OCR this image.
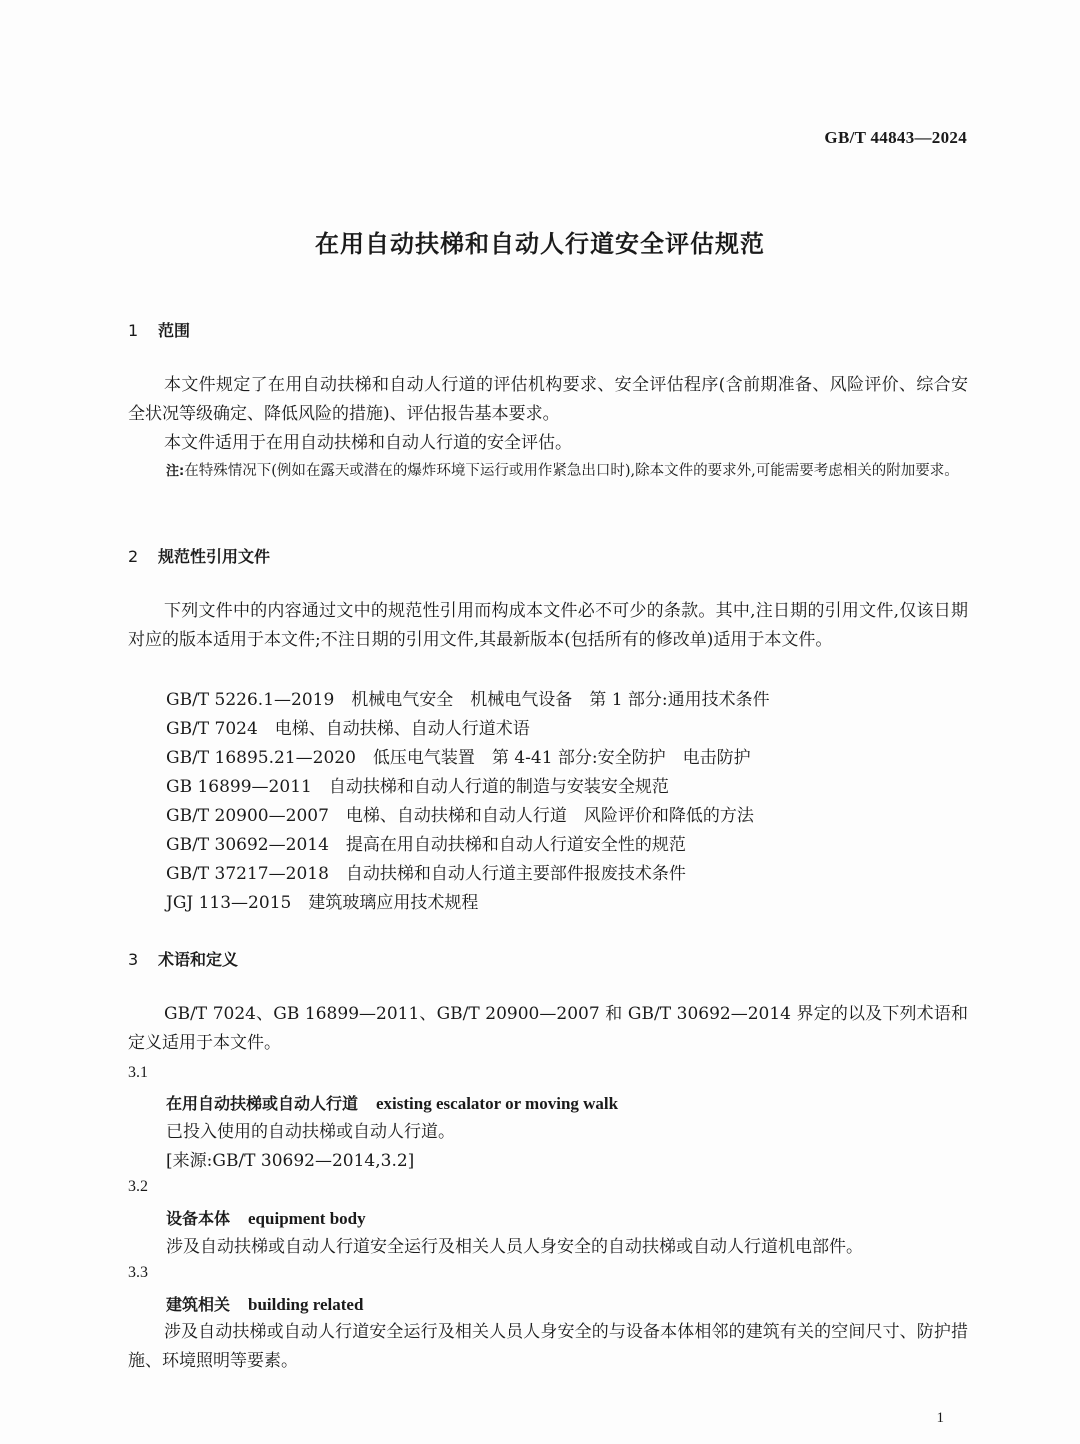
GB/T 44843—2024
在用自动扶梯和自动人行道安全评估规范
1 范围
本文件规定了在用自动扶梯和自动人行道的评估机构要求、安全评估程序(含前期准备、风险评价、综合安全状况等级确定、降低风险的措施)、评估报告基本要求。
本文件适用于在用自动扶梯和自动人行道的安全评估。
注:在特殊情况下(例如在露天或潜在的爆炸环境下运行或用作紧急出口时),除本文件的要求外,可能需要考虑相关的附加要求。
2 规范性引用文件
下列文件中的内容通过文中的规范性引用而构成本文件必不可少的条款。其中,注日期的引用文件,仅该日期对应的版本适用于本文件;不注日期的引用文件,其最新版本(包括所有的修改单)适用于本文件。
GB/T 5226.1—2019　机械电气安全　机械电气设备　第 1 部分:通用技术条件
GB/T 7024　电梯、自动扶梯、自动人行道术语
GB/T 16895.21—2020　低压电气装置　第 4-41 部分:安全防护　电击防护
GB 16899—2011　自动扶梯和自动人行道的制造与安装安全规范
GB/T 20900—2007　电梯、自动扶梯和自动人行道　风险评价和降低的方法
GB/T 30692—2014　提高在用自动扶梯和自动人行道安全性的规范
GB/T 37217—2018　自动扶梯和自动人行道主要部件报废技术条件
JGJ 113—2015　建筑玻璃应用技术规程
3 术语和定义
GB/T 7024、GB 16899—2011、GB/T 20900—2007 和 GB/T 30692—2014 界定的以及下列术语和定义适用于本文件。
3.1
在用自动扶梯或自动人行道 existing escalator or moving walk
已投入使用的自动扶梯或自动人行道。
[来源:GB/T 30692—2014,3.2]
3.2
设备本体 equipment body
涉及自动扶梯或自动人行道安全运行及相关人员人身安全的自动扶梯或自动人行道机电部件。
3.3
建筑相关 building related
涉及自动扶梯或自动人行道安全运行及相关人员人身安全的与设备本体相邻的建筑有关的空间尺寸、防护措施、环境照明等要素。
1
